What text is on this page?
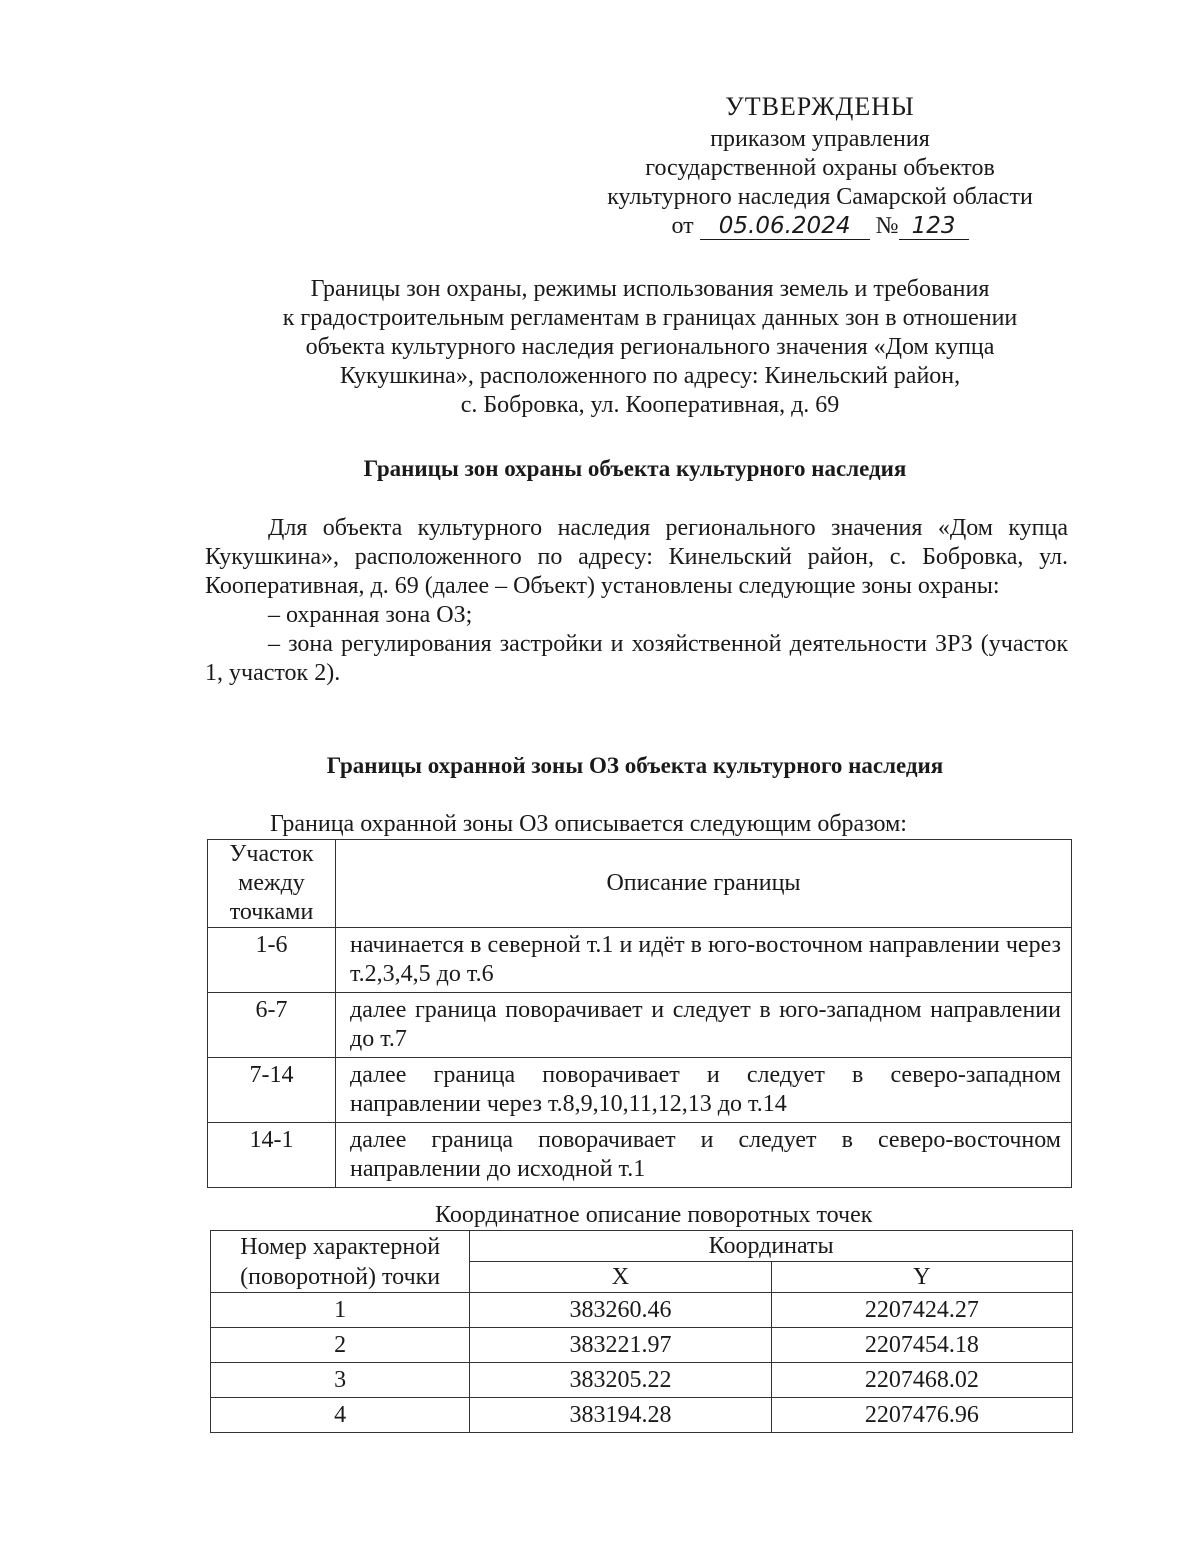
УТВЕРЖДЕНЫ
приказом управления
государственной охраны объектов
культурного наследия Самарской области
от 05.06.2024 № 123
Границы зон охраны, режимы использования земель и требования
к градостроительным регламентам в границах данных зон в отношении
объекта культурного наследия регионального значения «Дом купца
Кукушкина», расположенного по адресу: Кинельский район,
с. Бобровка, ул. Кооперативная, д. 69
Границы зон охраны объекта культурного наследия

Для объекта культурного наследия регионального значения «Дом купца Кукушкина», расположенного по адресу: Кинельский район, с. Бобровка, ул. Кооперативная, д. 69 (далее – Объект) установлены следующие зоны охраны:

– охранная зона ОЗ;

– зона регулирования застройки и хозяйственной деятельности ЗРЗ (участок 1, участок 2).

Границы охранной зоны ОЗ объекта культурного наследия
Граница охранной зоны ОЗ описывается следующим образом:
Участок между точками	Описание границы
1-6	начинается в северной т.1 и идёт в юго-восточном направлении через т.2,3,4,5 до т.6
6-7	далее граница поворачивает и следует в юго-западном направлении до т.7
7-14	далее граница поворачивает и следует в северо-западном направлении через т.8,9,10,11,12,13 до т.14
14-1	далее граница поворачивает и следует в северо-восточном направлении до исходной т.1
Координатное описание поворотных точек
Номер характерной (поворотной) точки	Координаты	
	X	Y
1	383260.46	2207424.27
2	383221.97	2207454.18
3	383205.22	2207468.02
4	383194.28	2207476.96
